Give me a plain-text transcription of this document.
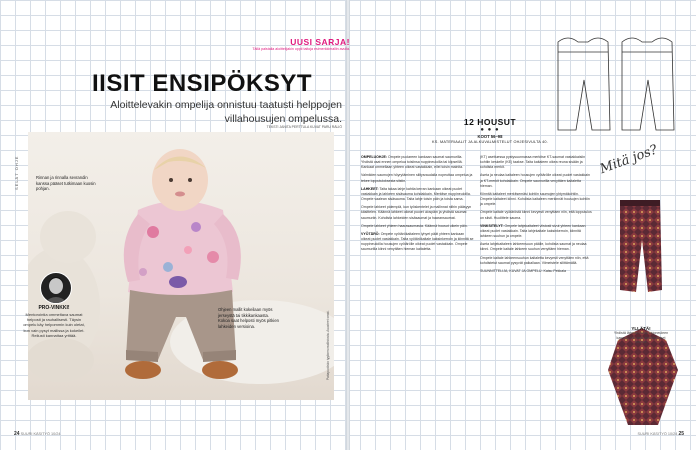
UUSI SARJA!
Tällä palstalla aloittelijakin oppii taitoja esimerkkimallin avulla.
IISIT ENSIPÖKSYT
Aloittelevakin ompelija onnistuu taatusti helppojen villahousujen ompelussa.
TEKSTI JANITA PERTTULA KUVAT PARU RÄLIÖ
Rinnan ja rinnalla sevrandin kanssa pääset tutkimaan kuosin pohjan.
Ohjeen mallit kokeilaan myös jerseystä tai tikkikankaasta. Kokoa saat helposti myös pitkien lahkeiden versioina.	Paitapuolisko tyylinen mallistosta. Asusteet omat.
SELÄT OHJE
PRO-VINKKI!
Mentorointia ommeltava saumat helposti ja rauhallisesti. Täysin ompelu käy helpommin kuin oletat, kun vain pysyt mallissa ja kokeilet. Reilusti kannattaa yrittää.
24 SUURI KÄSITYÖ 10/24
12 HOUSUT
● ● ●
KOOT 56–98
KS. MATERIAALIT JA ALKUVALMISTELUT OHJESIVULTA 40.

OMPELUOHJE: Ompele puolareen kankaan saumat saumurilla. Yhdistä osat ennen ompelua toisiinsa nuppineuloilla tai klipseillä. Kankaat ommellaan yhteen oikeat vastakkain, ellei toisin mainita.

Valmiiden saumojen höyrytäminen silitysraudalla nopeuttaa ompelua ja tekee lopputuloksesta siistin.

LAHKEET: Taita takaa lahje kahtia kerran kankaan oikeat puolet vastakkain ja lahkeen sisäsauma kohdakkain. Merkitse nuppineuloilla. Ompele vaalean sisäsauma. Taita lahje toisin päin ja toista sama.

Ompele lahkeet pidempiä, kun työskentelet ja mallinnat niihin pääsyyn käsittelen. Käännä lahkeet oikeat puolet ulospäin ja yhdistä saumat saumuriin. Kohdista lahkeiden sisäsaumat ja haaransaumat.

Ompele lahkeet yhteen haarasaumasta. Käännä housut oikein päin.

VYÖTÄRÖ: Ompele vyötärökaitaleen lyhyet päät yhteen kankaan oikeat puolet vastakkain. Taita vyötärökaitale kaksinkerroin ja kiinnitä se nuppineuloilla housujen vyötärölle oikeat puolet vastakkain. Ompele saumurilla kiinni venyttäen hieman kaitaletta.

(KT) asettuessa pystysuunnassa merkitse KT-saumat vastakkaisiin kohtiin keskelle (KE) taakse. Taita kaitaleen oikea reuna sisään ja kohdista merkit.

Aseta ja neulaa kaitaleen housujen vyötärölle oikeat puolet vastakkain ja KT-merkit kohdakkain. Ompele saumurilla venyttäen kaitaletta hieman.

Kiinnitä kaitaleet merkitsemäsi kohtiin saumojen yhtymäkohtiin. Ompele kaitaleet kiinni. Kohdista kaitaleen merkinnät housujen kohtiin ja ompele.

Ompele kaitale vyötäröstä kiinni kevyesti venyttäen niin, että lopputulos on siisti. Huolittele sauma.

VINKSITELYT: Ompele lahjekaitaleet viistosti sivut yhteen kankaan oikeat puolet vastakkain. Taita lahjekaitale kaksinkerroin, kiinnitä lahkeen suuhun ja ompele.

Aseta lahjekaitaleen lahkeensuun päälle, kohdista saumat ja neulaa kiinni. Ompele kaitale lahkeen suuhun venyttäen hieman.

Ompele kaitale lahkeensuuhun kaitaletta kevyesti venyttäen niin, että kohdistetut saumat pysyvät paikallaan. Viimeistele silittämällä.

SUUNNITTELIJA, KUVAT JA OMPELU: Kaisu Pekkala

Mitä jos?
YLLÄTÄ!
Yhdistä lämmin kuosi kirjoneuleen kanssa, niin saat ainutlaatuiset housut.
SUURI KÄSITYÖ 10/24 25
